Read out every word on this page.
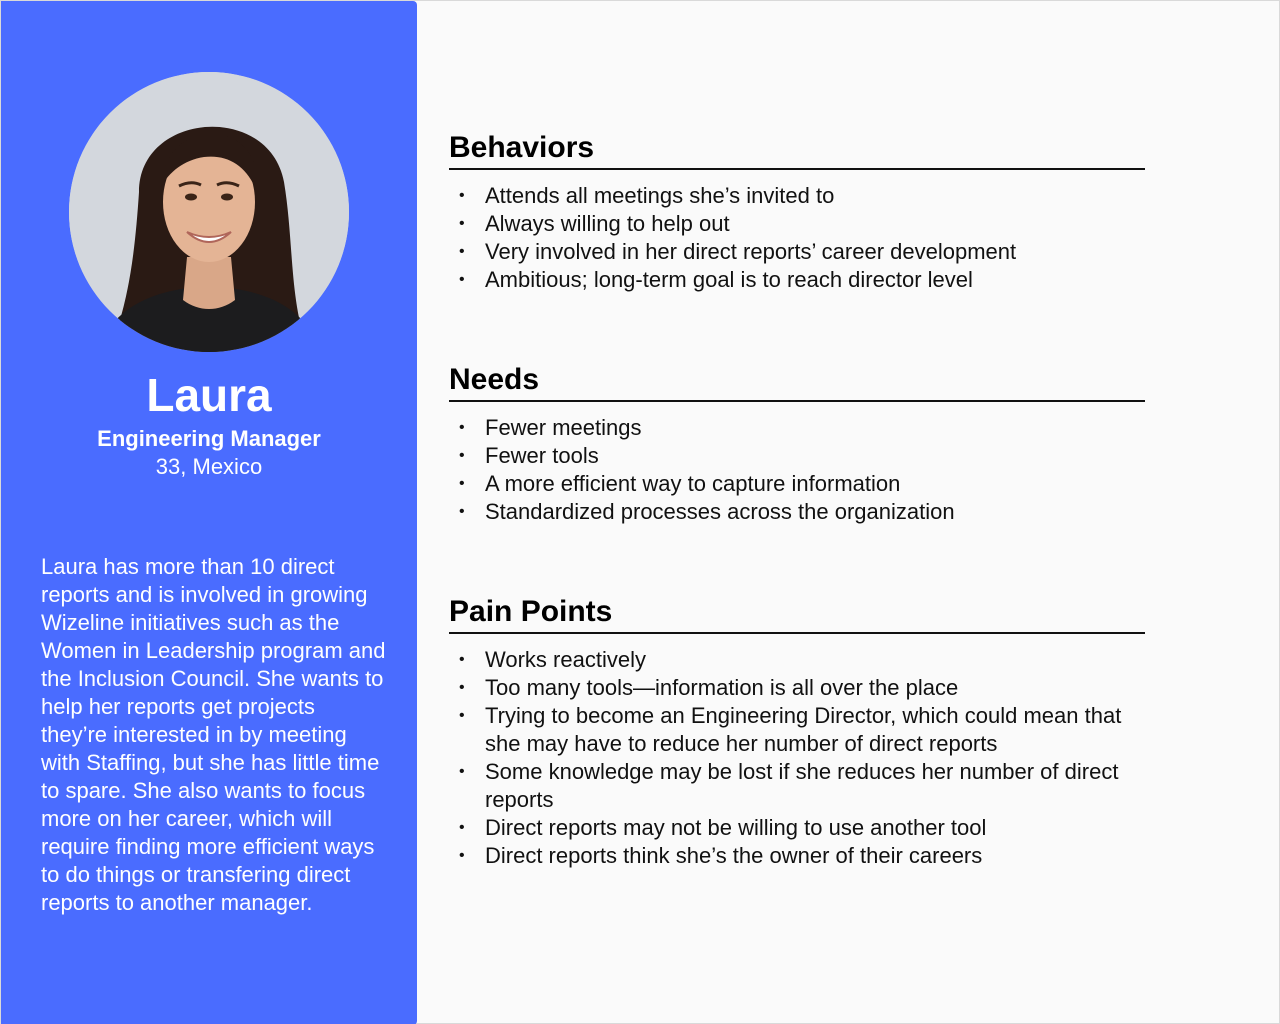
Laura
Engineering Manager
33, Mexico
Laura has more than 10 direct reports and is involved in growing Wizeline initiatives such as the Women in Leadership program and the Inclusion Council. She wants to help her reports get projects they’re interested in by meeting with Staffing, but she has little time to spare. She also wants to focus more on her career, which will require finding more efficient ways to do things or transfering direct reports to another manager.
Behaviors
• Attends all meetings she’s invited to
• Always willing to help out
• Very involved in her direct reports’ career development
• Ambitious; long-term goal is to reach director level
Needs
• Fewer meetings
• Fewer tools
• A more efficient way to capture information
• Standardized processes across the organization
Pain Points
• Works reactively
• Too many tools—information is all over the place
• Trying to become an Engineering Director, which could mean that she may have to reduce her number of direct reports
• Some knowledge may be lost if she reduces her number of direct reports
• Direct reports may not be willing to use another tool
• Direct reports think she’s the owner of their careers
